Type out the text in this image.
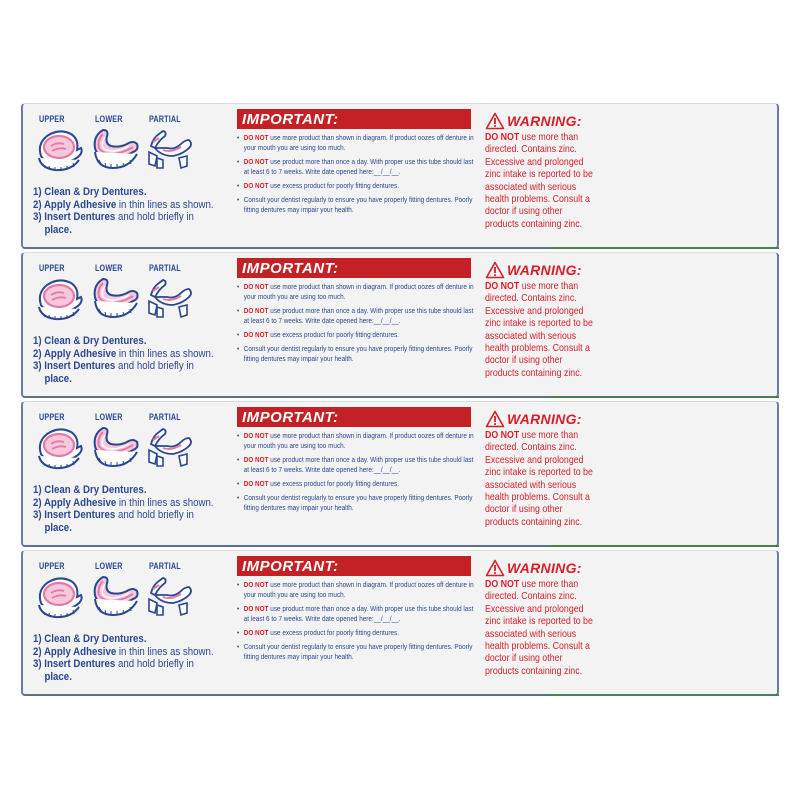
UPPER	LOWER	PARTIAL
1) Clean & Dry Dentures.
2) Apply Adhesive in thin lines as shown.
3) Insert Dentures and hold briefly in
place.
IMPORTANT:
• DO NOT use more product than shown in diagram. If product oozes off denture in your mouth you are using too much.
• DO NOT use product more than once a day. With proper use this tube should last at least 6 to 7 weeks. Write date opened here:__/__/__.
• DO NOT use excess product for poorly fitting dentures.
• Consult your dentist regularly to ensure you have properly fitting dentures. Poorly fitting dentures may impair your health.
WARNING:
DO NOT use more than
directed. Contains zinc.
Excessive and prolonged
zinc intake is reported to be
associated with serious
health problems. Consult a
doctor if using other
products containing zinc.
UPPER	LOWER	PARTIAL
1) Clean & Dry Dentures.
2) Apply Adhesive in thin lines as shown.
3) Insert Dentures and hold briefly in
place.
IMPORTANT:
• DO NOT use more product than shown in diagram. If product oozes off denture in your mouth you are using too much.
• DO NOT use product more than once a day. With proper use this tube should last at least 6 to 7 weeks. Write date opened here:__/__/__.
• DO NOT use excess product for poorly fitting dentures.
• Consult your dentist regularly to ensure you have properly fitting dentures. Poorly fitting dentures may impair your health.
WARNING:
DO NOT use more than
directed. Contains zinc.
Excessive and prolonged
zinc intake is reported to be
associated with serious
health problems. Consult a
doctor if using other
products containing zinc.
UPPER	LOWER	PARTIAL
1) Clean & Dry Dentures.
2) Apply Adhesive in thin lines as shown.
3) Insert Dentures and hold briefly in
place.
IMPORTANT:
• DO NOT use more product than shown in diagram. If product oozes off denture in your mouth you are using too much.
• DO NOT use product more than once a day. With proper use this tube should last at least 6 to 7 weeks. Write date opened here:__/__/__.
• DO NOT use excess product for poorly fitting dentures.
• Consult your dentist regularly to ensure you have properly fitting dentures. Poorly fitting dentures may impair your health.
WARNING:
DO NOT use more than
directed. Contains zinc.
Excessive and prolonged
zinc intake is reported to be
associated with serious
health problems. Consult a
doctor if using other
products containing zinc.
UPPER	LOWER	PARTIAL
1) Clean & Dry Dentures.
2) Apply Adhesive in thin lines as shown.
3) Insert Dentures and hold briefly in
place.
IMPORTANT:
• DO NOT use more product than shown in diagram. If product oozes off denture in your mouth you are using too much.
• DO NOT use product more than once a day. With proper use this tube should last at least 6 to 7 weeks. Write date opened here:__/__/__.
• DO NOT use excess product for poorly fitting dentures.
• Consult your dentist regularly to ensure you have properly fitting dentures. Poorly fitting dentures may impair your health.
WARNING:
DO NOT use more than
directed. Contains zinc.
Excessive and prolonged
zinc intake is reported to be
associated with serious
health problems. Consult a
doctor if using other
products containing zinc.
